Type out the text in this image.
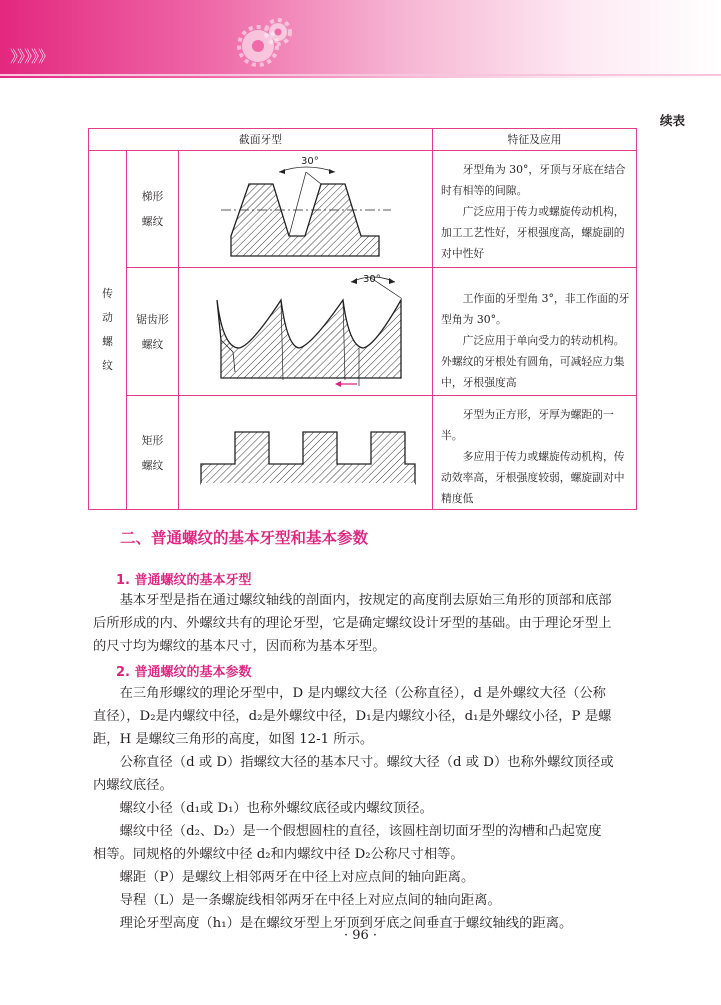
》》》》》
续表
截面牙型			特征及应用

传动螺纹	梯形螺纹	30°	牙型角为 30°，牙顶与牙底在结合时有相等的间隙。

广泛应用于传力或螺旋传动机构，加工工艺性好，牙根强度高，螺旋副的对中性好

	锯齿形螺纹	30°	工作面的牙型角 3°，非工作面的牙型角为 30°。

广泛应用于单向受力的转动机构。外螺纹的牙根处有圆角，可减轻应力集中，牙根强度高

	矩形螺纹		牙型为正方形，牙厚为螺距的一半。

多应用于传力或螺旋传动机构，传动效率高，牙根强度较弱，螺旋副对中精度低

二、普通螺纹的基本牙型和基本参数
1. 普通螺纹的基本牙型

基本牙型是指在通过螺纹轴线的剖面内，按规定的高度削去原始三角形的顶部和底部

后所形成的内、外螺纹共有的理论牙型，它是确定螺纹设计牙型的基础。由于理论牙型上
的尺寸均为螺纹的基本尺寸，因而称为基本牙型。
2. 普通螺纹的基本参数

在三角形螺纹的理论牙型中，D 是内螺纹大径（公称直径），d 是外螺纹大径（公称

直径），D₂是内螺纹中径，d₂是外螺纹中径，D₁是内螺纹小径，d₁是外螺纹小径，P 是螺
距，H 是螺纹三角形的高度，如图 12-1 所示。

公称直径（d 或 D）指螺纹大径的基本尺寸。螺纹大径（d 或 D）也称外螺纹顶径或

内螺纹底径。

螺纹小径（d₁或 D₁）也称外螺纹底径或内螺纹顶径。

螺纹中径（d₂、D₂）是一个假想圆柱的直径，该圆柱剖切面牙型的沟槽和凸起宽度

相等。同规格的外螺纹中径 d₂和内螺纹中径 D₂公称尺寸相等。

螺距（P）是螺纹上相邻两牙在中径上对应点间的轴向距离。

导程（L）是一条螺旋线相邻两牙在中径上对应点间的轴向距离。

理论牙型高度（h₁）是在螺纹牙型上牙顶到牙底之间垂直于螺纹轴线的距离。

· 96 ·
